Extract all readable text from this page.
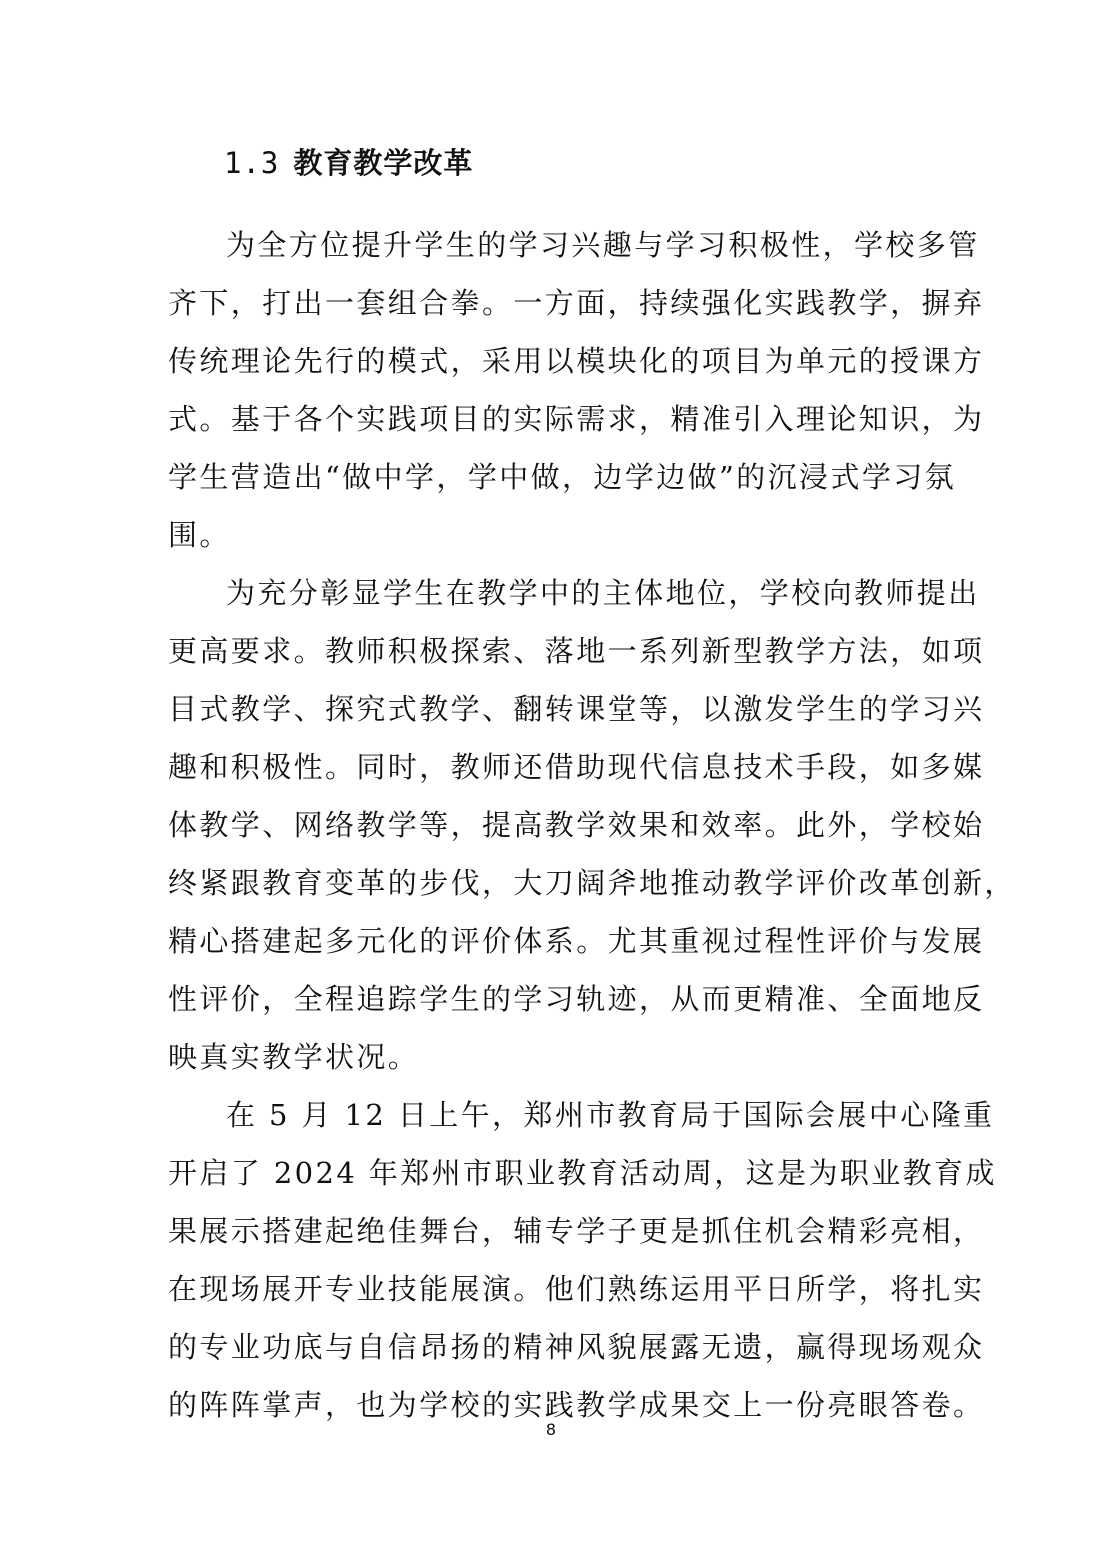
1.3 教育教学改革
为全方位提升学生的学习兴趣与学习积极性，学校多管
齐下，打出一套组合拳。一方面，持续强化实践教学，摒弃
传统理论先行的模式，采用以模块化的项目为单元的授课方
式。基于各个实践项目的实际需求，精准引入理论知识，为
学生营造出“做中学，学中做，边学边做”的沉浸式学习氛
围。
为充分彰显学生在教学中的主体地位，学校向教师提出
更高要求。教师积极探索、落地一系列新型教学方法，如项
目式教学、探究式教学、翻转课堂等，以激发学生的学习兴
趣和积极性。同时，教师还借助现代信息技术手段，如多媒
体教学、网络教学等，提高教学效果和效率。此外，学校始
终紧跟教育变革的步伐，大刀阔斧地推动教学评价改革创新，
精心搭建起多元化的评价体系。尤其重视过程性评价与发展
性评价，全程追踪学生的学习轨迹，从而更精准、全面地反
映真实教学状况。
在 5 月 12 日上午，郑州市教育局于国际会展中心隆重
开启了 2024 年郑州市职业教育活动周，这是为职业教育成
果展示搭建起绝佳舞台，辅专学子更是抓住机会精彩亮相，
在现场展开专业技能展演。他们熟练运用平日所学，将扎实
的专业功底与自信昂扬的精神风貌展露无遗，赢得现场观众
的阵阵掌声，也为学校的实践教学成果交上一份亮眼答卷。
8
